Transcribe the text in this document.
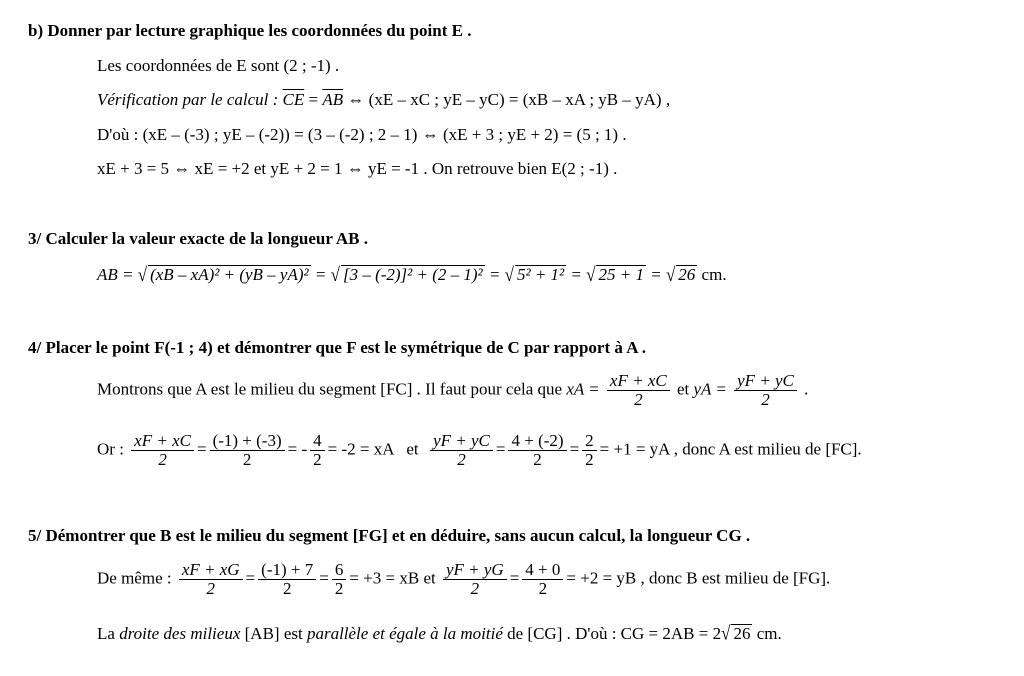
b) Donner par lecture graphique les coordonnées du point E .
Les coordonnées de E sont (2 ; -1) .
Vérification par le calcul : $\overline{CE} = \overline{AB}$ ⇔ (xE – xC ; yE – yC) = (xB – xA ; yB – yA) ,
D'où : (xE – (-3) ; yE – (-2)) = (3 – (-2) ; 2 – 1) ⇔ (xE + 3 ; yE + 2) = (5 ; 1) .
xE + 3 = 5 ⇔ xE = +2 et yE + 2 = 1 ⇔ yE = -1 . On retrouve bien E(2 ; -1) .
3/ Calculer la valeur exacte de la longueur AB .
AB = √ (xB – xA)² + (yB – yA)² = √ [3 – (-2)]² + (2 – 1)² = √ 5² + 1² = √ 25 + 1 = √ 26 cm.
4/ Placer le point F(-1 ; 4) et démontrer que F est le symétrique de C par rapport à A .
Montrons que A est le milieu du segment [FC] . Il faut pour cela que xA = $\frac{xF + xC}{2}$ et yA = $\frac{yF + yC}{2}$ .
Or : $\frac{xF + xC}{2} = \frac{(-1) + (-3)}{2}$ = - $\frac{4}{2} = -2$ = xA et $\frac{yF + yC}{2} = \frac{4 + (-2)}{2} = \frac{2}{2} = +1$ = yA , donc A est milieu de [FC].
5/ Démontrer que B est le milieu du segment [FG] et en déduire, sans aucun calcul, la longueur CG .
De même : $\frac{xF + xG}{2} = \frac{(-1) + 7}{2} = \frac{6}{2} = +3$ = xB et $\frac{yF + yG}{2} = \frac{4 + 0}{2} = +2$ = yB , donc B est milieu de [FG].
La droite des milieux [AB] est parallèle et égale à la moitié de [CG] . D'où : CG = 2AB = 2√ 26 cm.
